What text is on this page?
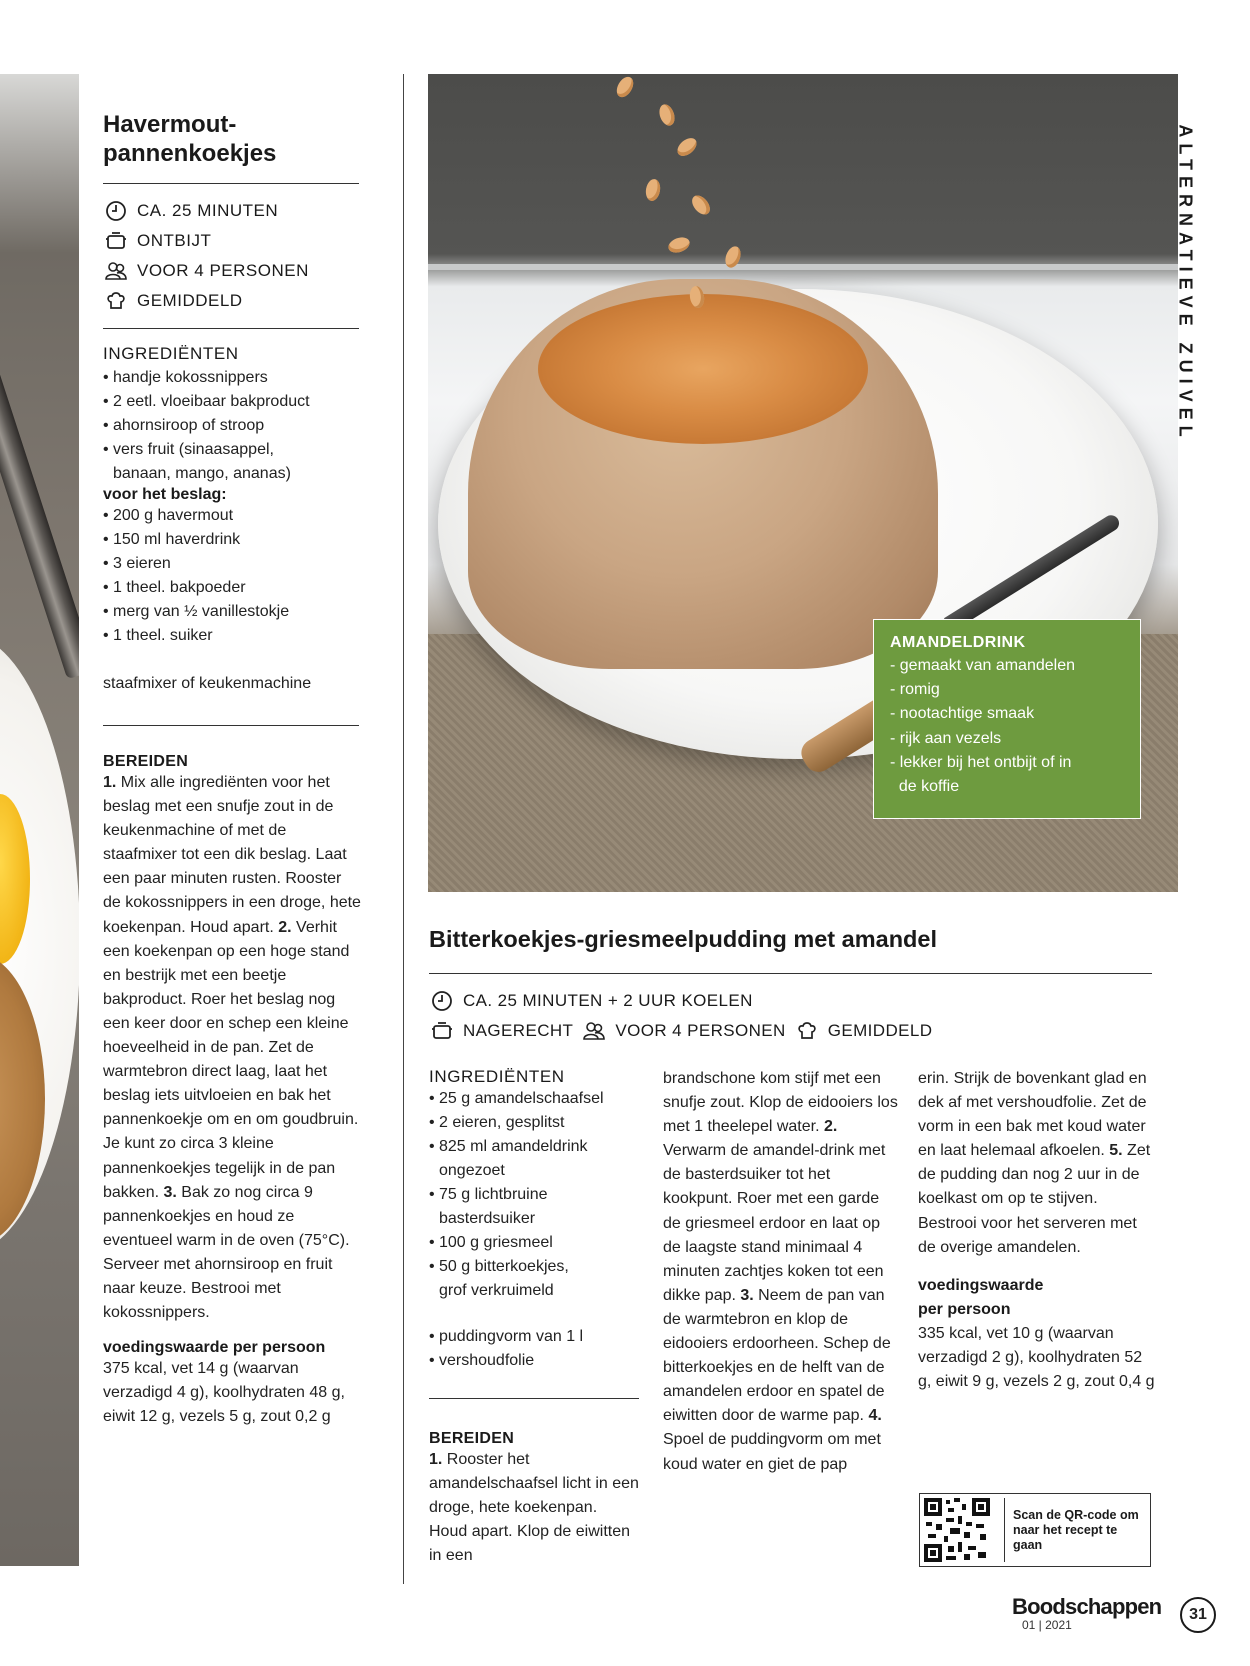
Havermout-
pannenkoekjes
CA. 25 MINUTEN
ONTBIJT
VOOR 4 PERSONEN
GEMIDDELD
INGREDIËNTEN
• handje kokossnippers
• 2 eetl. vloeibaar bakproduct
• ahornsiroop of stroop
• vers fruit (sinaasappel, banaan, mango, ananas)
voor het beslag:
• 200 g havermout
• 150 ml haverdrink
• 3 eieren
• 1 theel. bakpoeder
• merg van ½ vanillestokje
• 1 theel. suiker
staafmixer of keukenmachine
BEREIDEN
1. Mix alle ingrediënten voor het beslag met een snufje zout in de keukenmachine of met de staafmixer tot een dik beslag. Laat een paar minuten rusten. Rooster de kokossnippers in een droge, hete koekenpan. Houd apart. 2. Verhit een koekenpan op een hoge stand en bestrijk met een beetje bakproduct. Roer het beslag nog een keer door en schep een kleine hoeveelheid in de pan. Zet de warmtebron direct laag, laat het beslag iets uitvloeien en bak het pannenkoekje om en om goudbruin. Je kunt zo circa 3 kleine pannenkoekjes tegelijk in de pan bakken. 3. Bak zo nog circa 9 pannenkoekjes en houd ze eventueel warm in de oven (75°C). Serveer met ahornsiroop en fruit naar keuze. Bestrooi met kokossnippers.
voedingswaarde per persoon
375 kcal, vet 14 g (waarvan verzadigd 4 g), koolhydraten 48 g, eiwit 12 g, vezels 5 g, zout 0,2 g
ALTERNATIEVE ZUIVEL
AMANDELDRINK
- gemaakt van amandelen
- romig
- nootachtige smaak
- rijk aan vezels
- lekker bij het ontbijt of in
de koffie
Bitterkoekjes-griesmeelpudding met amandel
CA. 25 MINUTEN + 2 UUR KOELEN
NAGERECHT VOOR 4 PERSONEN GEMIDDELD
INGREDIËNTEN
• 25 g amandelschaafsel
• 2 eieren, gesplitst
• 825 ml amandeldrink ongezoet
• 75 g lichtbruine basterdsuiker
• 100 g griesmeel
• 50 g bitterkoekjes, grof verkruimeld
• puddingvorm van 1 l
• vershoudfolie
BEREIDEN
1. Rooster het amandelschaafsel licht in een droge, hete koekenpan. Houd apart. Klop de eiwitten in een
brandschone kom stijf met een snufje zout. Klop de eidooiers los met 1 theelepel water. 2. Verwarm de amandel-drink met de basterdsuiker tot het kookpunt. Roer met een garde de griesmeel erdoor en laat op de laagste stand minimaal 4 minuten zachtjes koken tot een dikke pap. 3. Neem de pan van de warmtebron en klop de eidooiers erdoorheen. Schep de bitterkoekjes en de helft van de amandelen erdoor en spatel de eiwitten door de warme pap. 4. Spoel de puddingvorm om met koud water en giet de pap
erin. Strijk de bovenkant glad en dek af met vershoudfolie. Zet de vorm in een bak met koud water en laat helemaal afkoelen. 5. Zet de pudding dan nog 2 uur in de koelkast om op te stijven. Bestrooi voor het serveren met de overige amandelen.
voedingswaarde
per persoon
335 kcal, vet 10 g (waarvan verzadigd 2 g), koolhydraten 52 g, eiwit 9 g, vezels 2 g, zout 0,4 g
Scan de QR-code om naar het recept te gaan
Boodschappen
01 | 2021
31
